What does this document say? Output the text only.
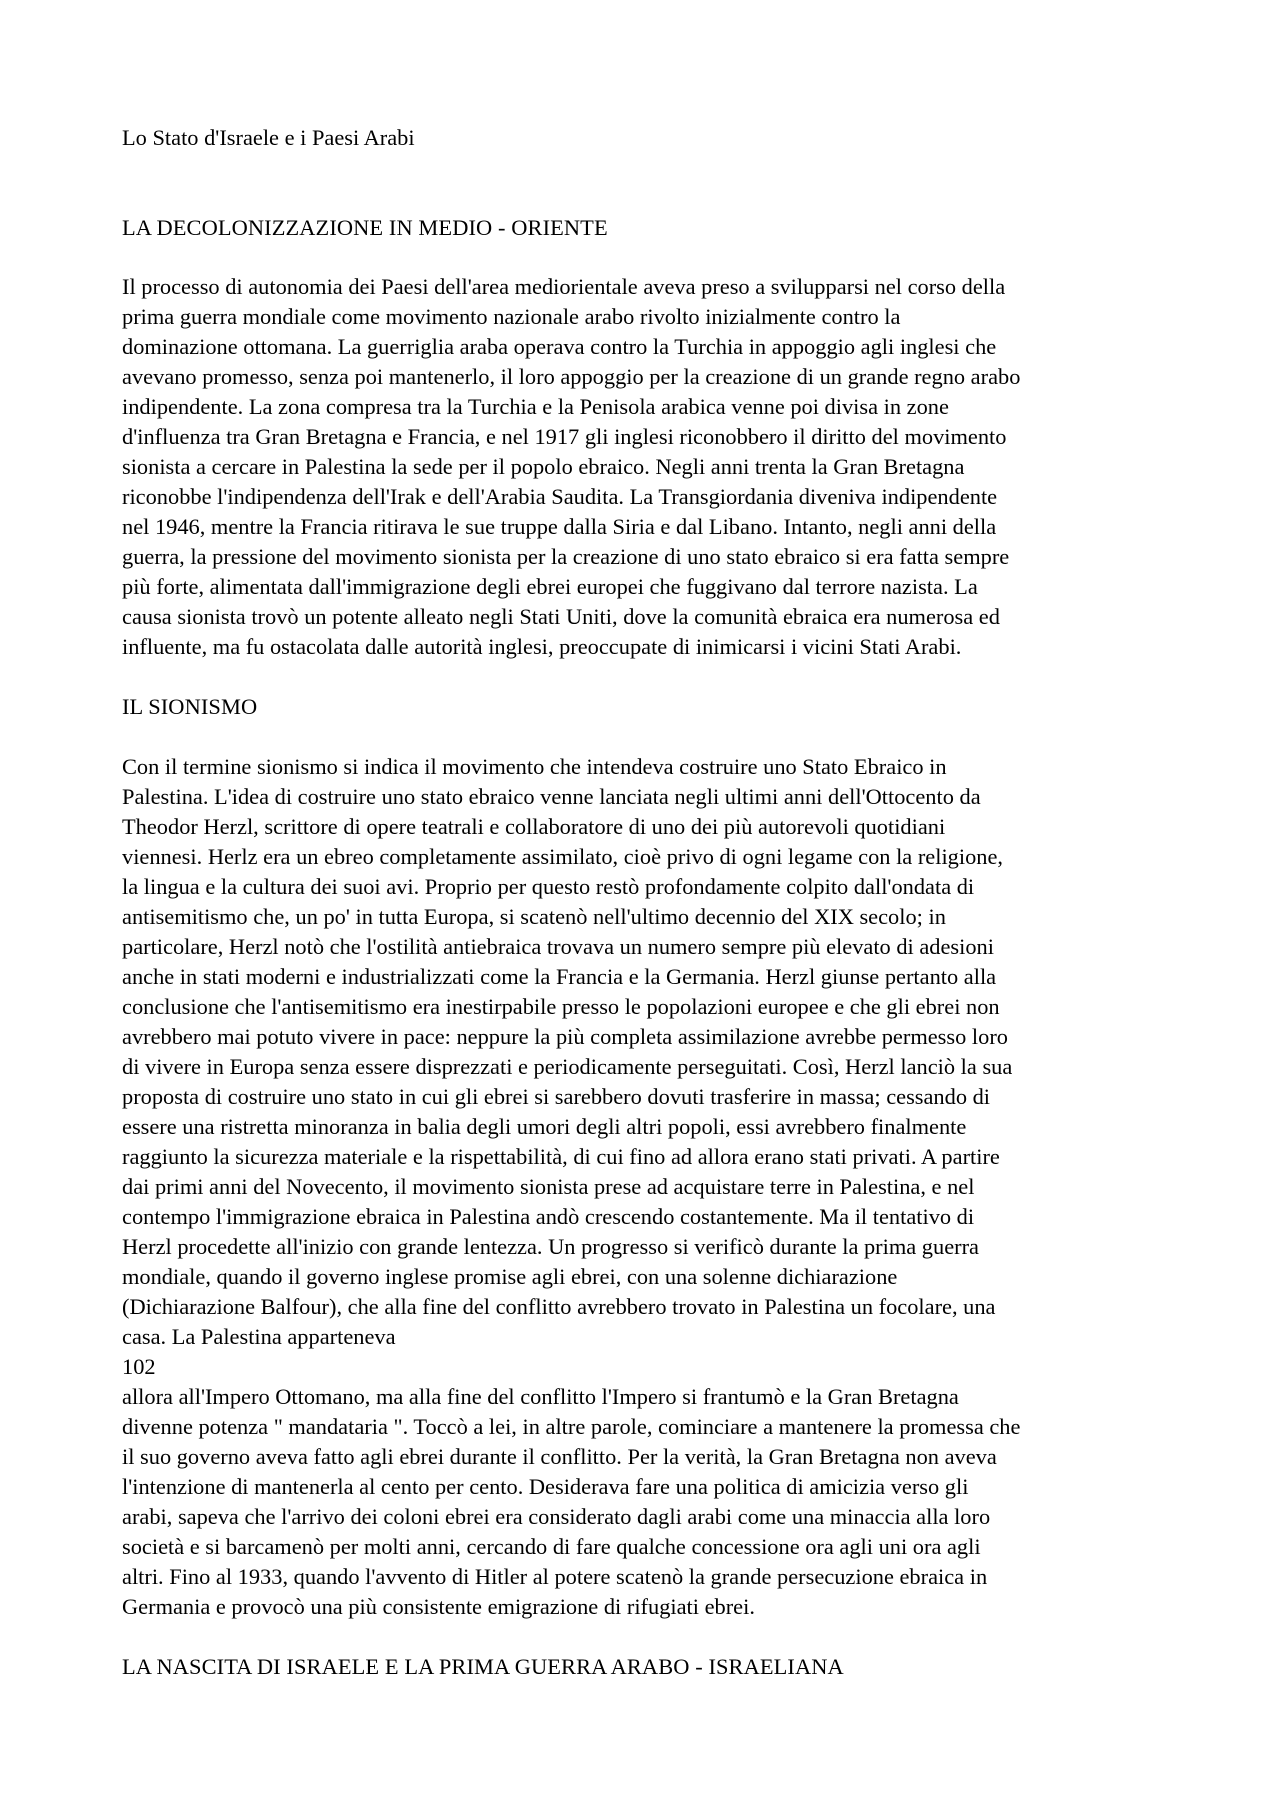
Lo Stato d'Israele e i Paesi Arabi
LA DECOLONIZZAZIONE IN MEDIO - ORIENTE
Il processo di autonomia dei Paesi dell'area mediorientale aveva preso a svilupparsi nel corso della
prima guerra mondiale come movimento nazionale arabo rivolto inizialmente contro la
dominazione ottomana. La guerriglia araba operava contro la Turchia in appoggio agli inglesi che
avevano promesso, senza poi mantenerlo, il loro appoggio per la creazione di un grande regno arabo
indipendente. La zona compresa tra la Turchia e la Penisola arabica venne poi divisa in zone
d'influenza tra Gran Bretagna e Francia, e nel 1917 gli inglesi riconobbero il diritto del movimento
sionista a cercare in Palestina la sede per il popolo ebraico. Negli anni trenta la Gran Bretagna
riconobbe l'indipendenza dell'Irak e dell'Arabia Saudita. La Transgiordania diveniva indipendente
nel 1946, mentre la Francia ritirava le sue truppe dalla Siria e dal Libano. Intanto, negli anni della
guerra, la pressione del movimento sionista per la creazione di uno stato ebraico si era fatta sempre
più forte, alimentata dall'immigrazione degli ebrei europei che fuggivano dal terrore nazista. La
causa sionista trovò un potente alleato negli Stati Uniti, dove la comunità ebraica era numerosa ed
influente, ma fu ostacolata dalle autorità inglesi, preoccupate di inimicarsi i vicini Stati Arabi.
IL SIONISMO
Con il termine sionismo si indica il movimento che intendeva costruire uno Stato Ebraico in
Palestina. L'idea di costruire uno stato ebraico venne lanciata negli ultimi anni dell'Ottocento da
Theodor Herzl, scrittore di opere teatrali e collaboratore di uno dei più autorevoli quotidiani
viennesi. Herlz era un ebreo completamente assimilato, cioè privo di ogni legame con la religione,
la lingua e la cultura dei suoi avi. Proprio per questo restò profondamente colpito dall'ondata di
antisemitismo che, un po' in tutta Europa, si scatenò nell'ultimo decennio del XIX secolo; in
particolare, Herzl notò che l'ostilità antiebraica trovava un numero sempre più elevato di adesioni
anche in stati moderni e industrializzati come la Francia e la Germania. Herzl giunse pertanto alla
conclusione che l'antisemitismo era inestirpabile presso le popolazioni europee e che gli ebrei non
avrebbero mai potuto vivere in pace: neppure la più completa assimilazione avrebbe permesso loro
di vivere in Europa senza essere disprezzati e periodicamente perseguitati. Così, Herzl lanciò la sua
proposta di costruire uno stato in cui gli ebrei si sarebbero dovuti trasferire in massa; cessando di
essere una ristretta minoranza in balia degli umori degli altri popoli, essi avrebbero finalmente
raggiunto la sicurezza materiale e la rispettabilità, di cui fino ad allora erano stati privati. A partire
dai primi anni del Novecento, il movimento sionista prese ad acquistare terre in Palestina, e nel
contempo l'immigrazione ebraica in Palestina andò crescendo costantemente. Ma il tentativo di
Herzl procedette all'inizio con grande lentezza. Un progresso si verificò durante la prima guerra
mondiale, quando il governo inglese promise agli ebrei, con una solenne dichiarazione
(Dichiarazione Balfour), che alla fine del conflitto avrebbero trovato in Palestina un focolare, una
casa. La Palestina apparteneva
102
allora all'Impero Ottomano, ma alla fine del conflitto l'Impero si frantumò e la Gran Bretagna
divenne potenza " mandataria ". Toccò a lei, in altre parole, cominciare a mantenere la promessa che
il suo governo aveva fatto agli ebrei durante il conflitto. Per la verità, la Gran Bretagna non aveva
l'intenzione di mantenerla al cento per cento. Desiderava fare una politica di amicizia verso gli
arabi, sapeva che l'arrivo dei coloni ebrei era considerato dagli arabi come una minaccia alla loro
società e si barcamenò per molti anni, cercando di fare qualche concessione ora agli uni ora agli
altri. Fino al 1933, quando l'avvento di Hitler al potere scatenò la grande persecuzione ebraica in
Germania e provocò una più consistente emigrazione di rifugiati ebrei.
LA NASCITA DI ISRAELE E LA PRIMA GUERRA ARABO - ISRAELIANA
